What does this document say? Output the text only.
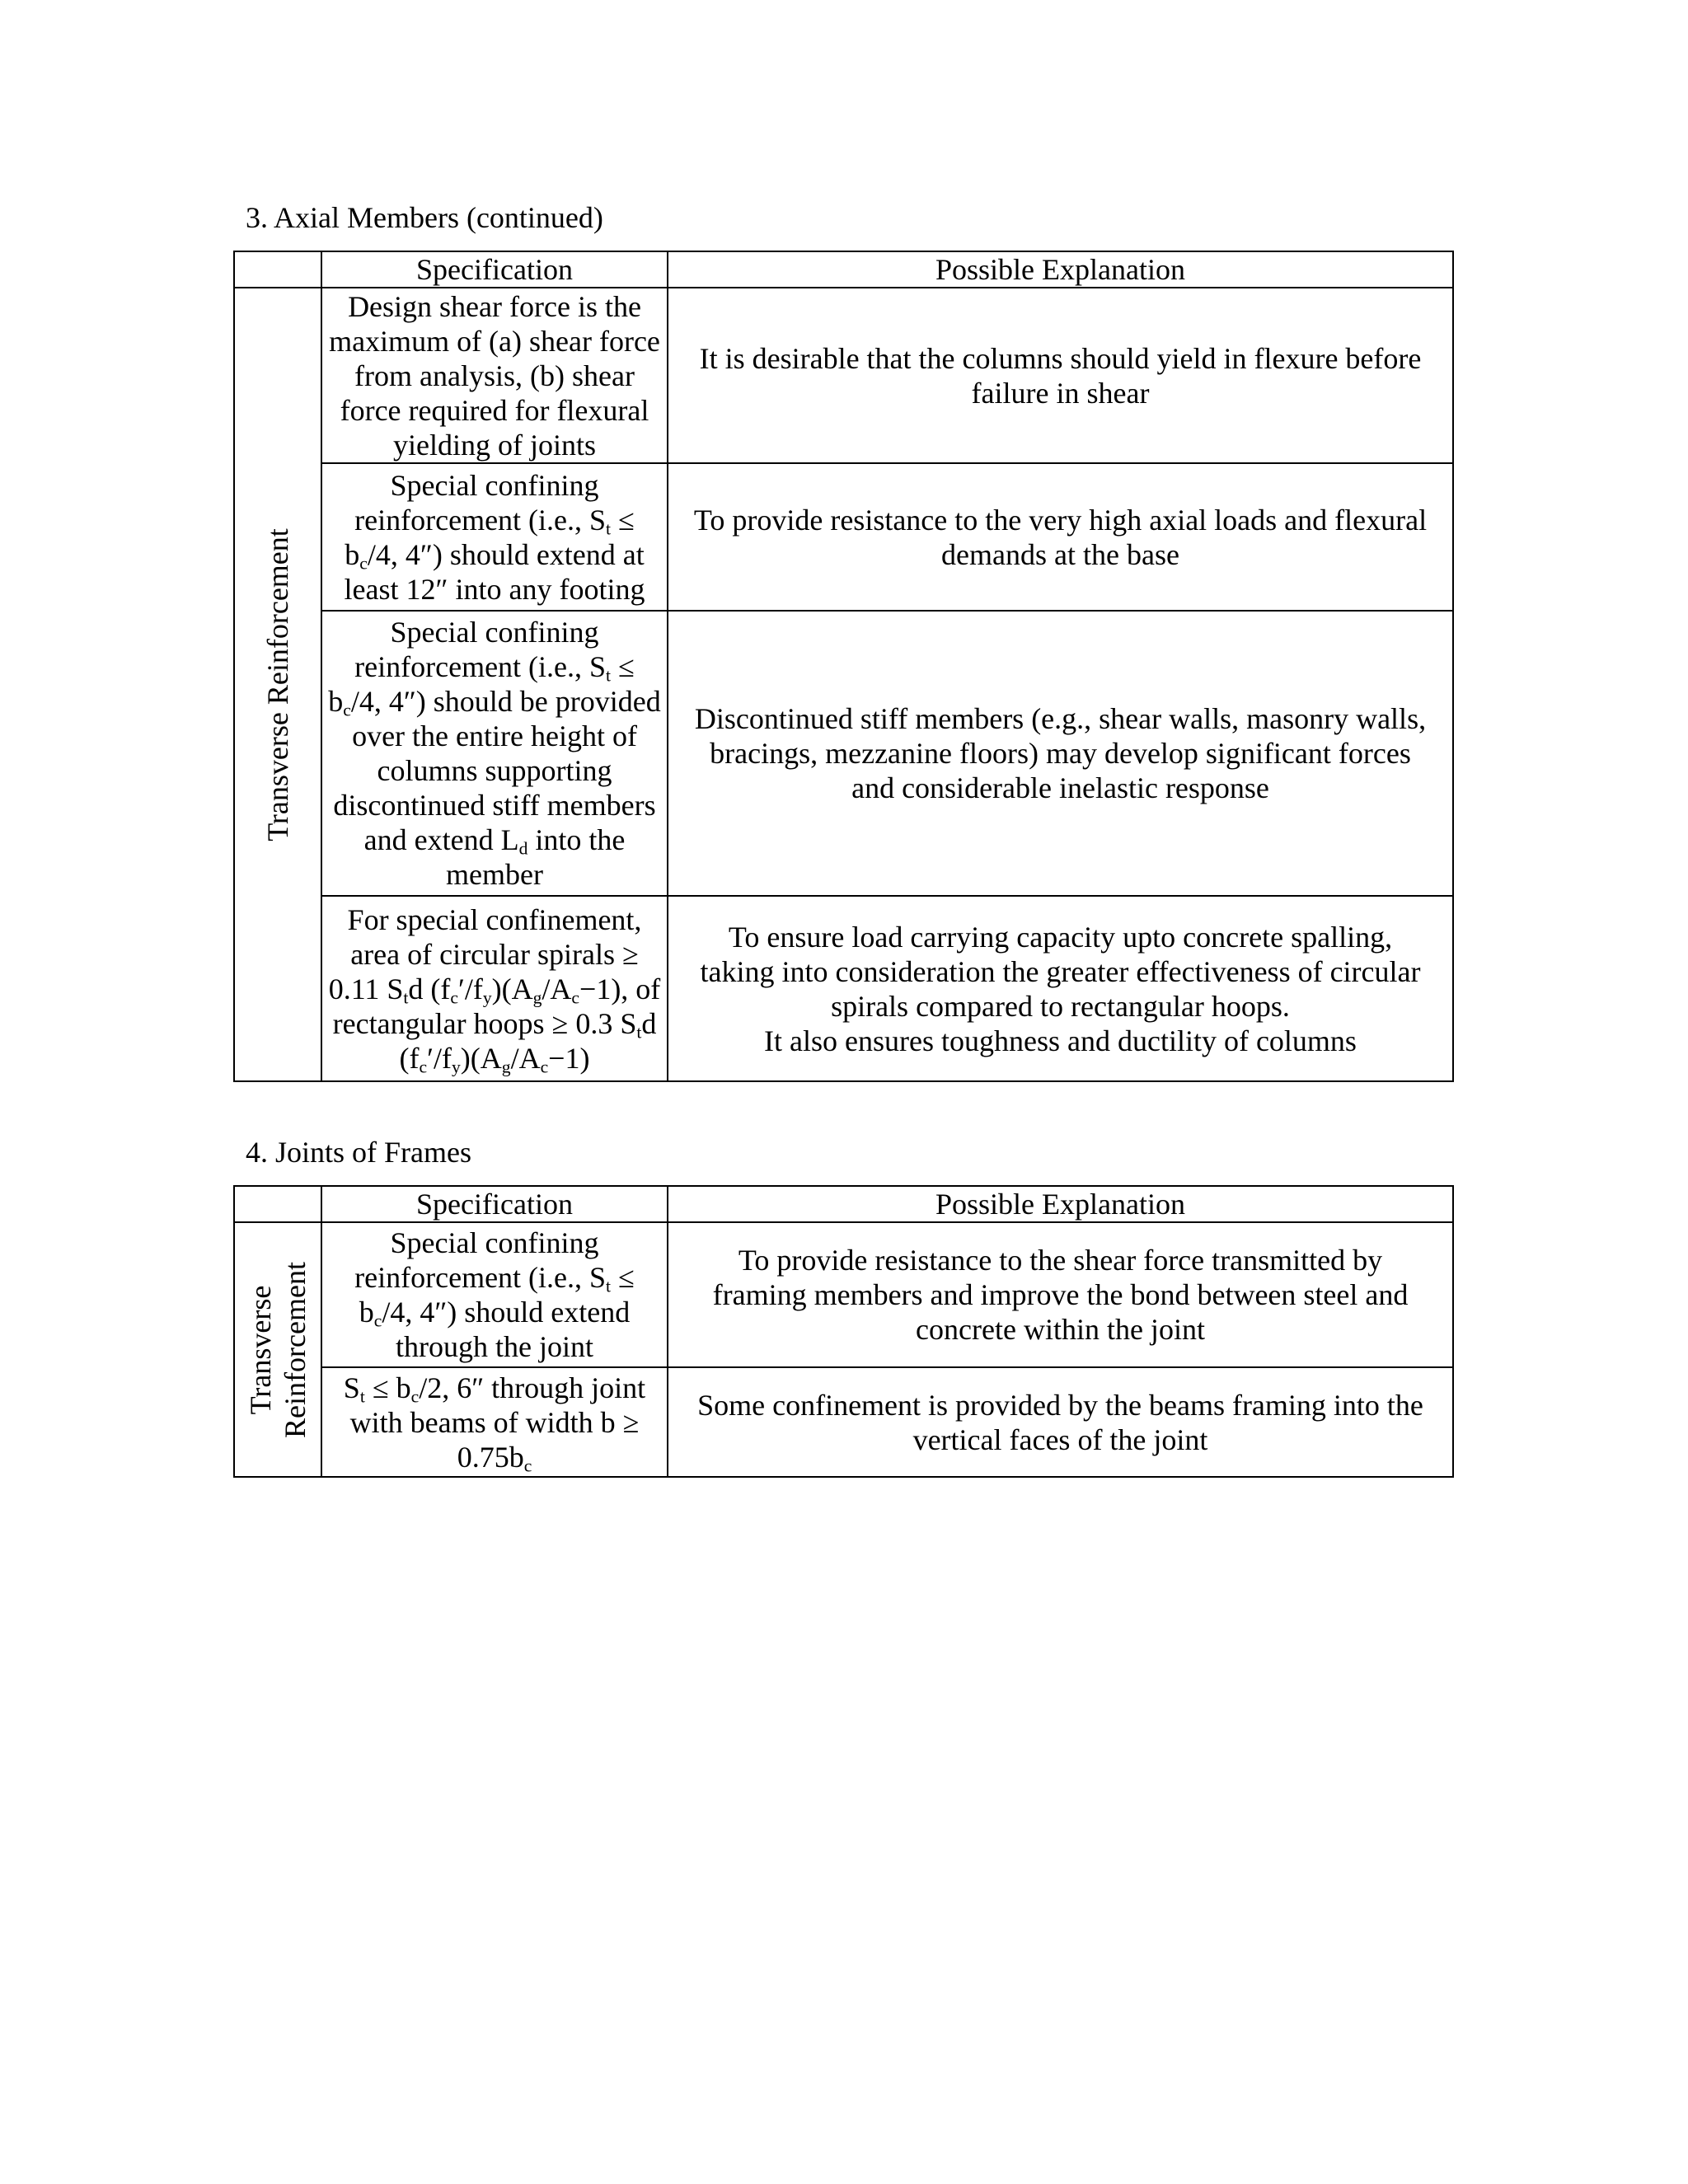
3. Axial Members (continued)
	Specification	Possible Explanation

Transverse Reinforcement	Design shear force is the maximum of (a) shear force from analysis, (b) shear force required for flexural yielding of joints	It is desirable that the columns should yield in flexure before
failure in shear
	Special confining reinforcement (i.e., $S_t \le b_c/4$, 4″) should extend at least 12″ into any footing	To provide resistance to the very high axial loads and flexural
demands at the base
	Special confining reinforcement (i.e., $S_t \le b_c/4$, 4″) should be provided over the entire height of columns supporting discontinued stiff members and extend $L_d$ into the member	Discontinued stiff members (e.g., shear walls, masonry walls,
bracings, mezzanine floors) may develop significant forces
and considerable inelastic response
	For special confinement, area of circular spirals ≥ 0.11 $S_td$ $(f_c'/f_y)(A_g/A_c-1)$, of rectangular hoops ≥ 0.3 $S_td$ $(f_c'/f_y)(A_g/A_c-1)$	To ensure load carrying capacity upto concrete spalling,
taking into consideration the greater effectiveness of circular
spirals compared to rectangular hoops.
It also ensures toughness and ductility of columns
4. Joints of Frames
	Specification	Possible Explanation

Transverse
Reinforcement	Special confining reinforcement (i.e., $S_t \le b_c/4$, 4″) should extend through the joint	To provide resistance to the shear force transmitted by
framing members and improve the bond between steel and
concrete within the joint
	$S_t \le b_c/2$, 6″ through joint with beams of width $b \ge 0.75b_c$	Some confinement is provided by the beams framing into the
vertical faces of the joint
